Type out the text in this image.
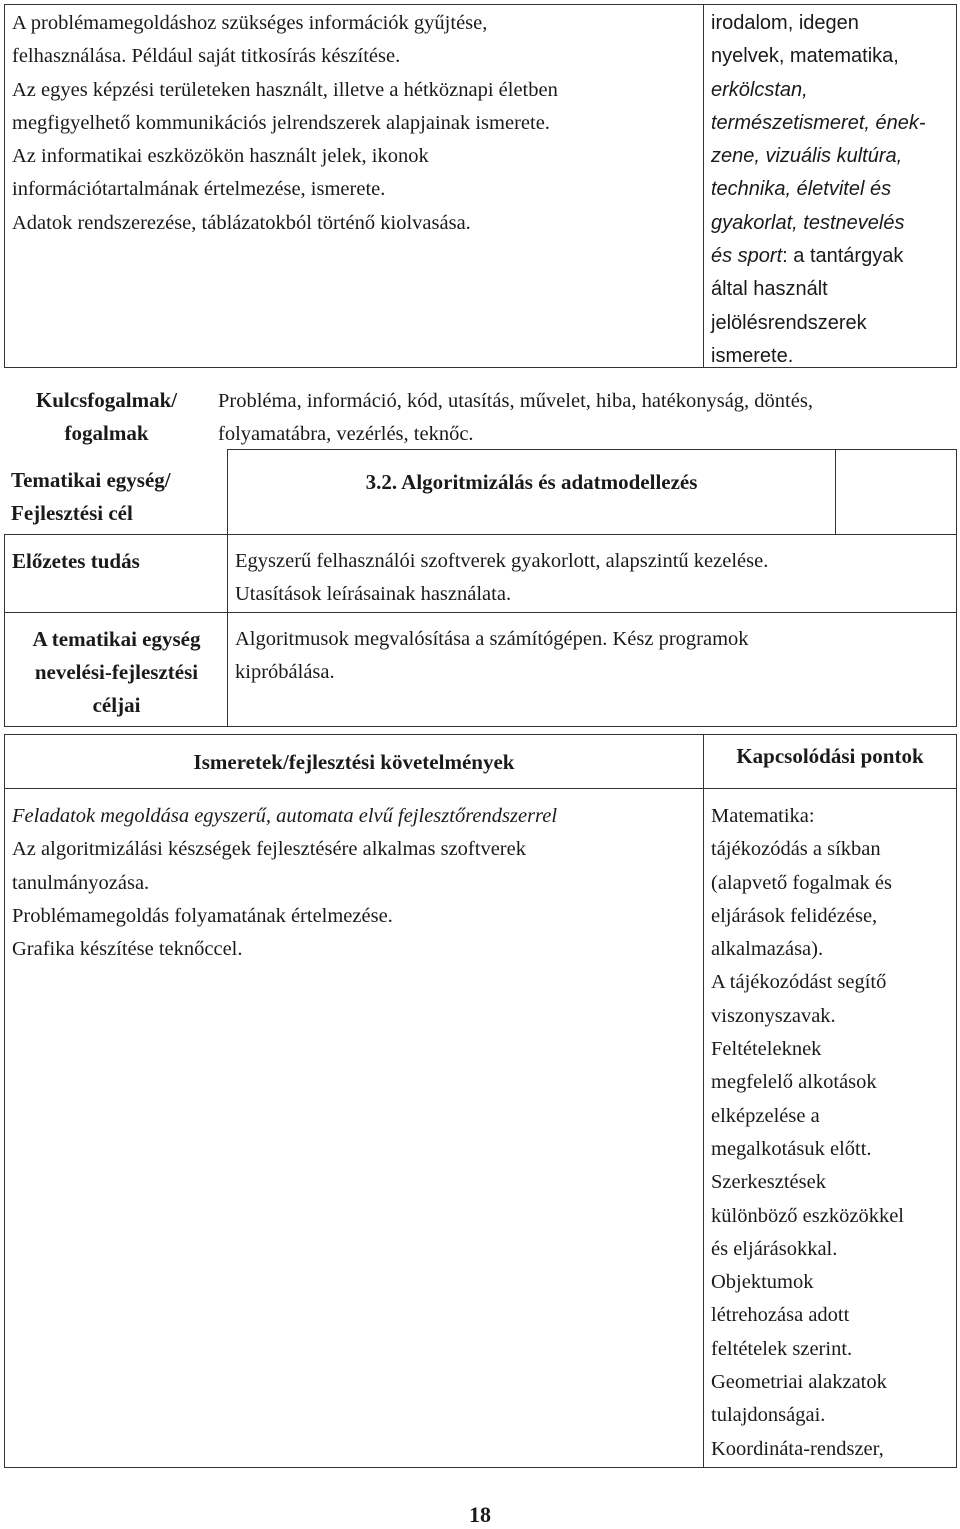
A problémamegoldáshoz szükséges információk gyűjtése,
felhasználása. Például saját titkosírás készítése.
Az egyes képzési területeken használt, illetve a hétköznapi életben
megfigyelhető kommunikációs jelrendszerek alapjainak ismerete.
Az informatikai eszközökön használt jelek, ikonok
információtartalmának értelmezése, ismerete.
Adatok rendszerezése, táblázatokból történő kiolvasása.
irodalom, idegen
nyelvek, matematika,
erkölcstan,
természetismeret, ének-
zene, vizuális kultúra,
technika, életvitel és
gyakorlat, testnevelés
és sport: a tantárgyak
által használt
jelölésrendszerek
ismerete.
Kulcsfogalmak/
fogalmak
Probléma, információ, kód, utasítás, művelet, hiba, hatékonyság, döntés,
folyamatábra, vezérlés, teknőc.
Tematikai egység/
Fejlesztési cél
3.2. Algoritmizálás és adatmodellezés
Előzetes tudás	Egyszerű felhasználói szoftverek gyakorlott, alapszintű kezelése.
Utasítások leírásainak használata.
A tematikai egység
nevelési-fejlesztési
céljai
Algoritmusok megvalósítása a számítógépen. Kész programok
kipróbálása.
Ismeretek/fejlesztési követelmények	Kapcsolódási pontok
Feladatok megoldása egyszerű, automata elvű fejlesztőrendszerrel
Az algoritmizálási készségek fejlesztésére alkalmas szoftverek
tanulmányozása.
Problémamegoldás folyamatának értelmezése.
Grafika készítése teknőccel.
Matematika:
tájékozódás a síkban
(alapvető fogalmak és
eljárások felidézése,
alkalmazása).
A tájékozódást segítő
viszonyszavak.
Feltételeknek
megfelelő alkotások
elképzelése a
megalkotásuk előtt.
Szerkesztések
különböző eszközökkel
és eljárásokkal.
Objektumok
létrehozása adott
feltételek szerint.
Geometriai alakzatok
tulajdonságai.
Koordináta-rendszer,
18
